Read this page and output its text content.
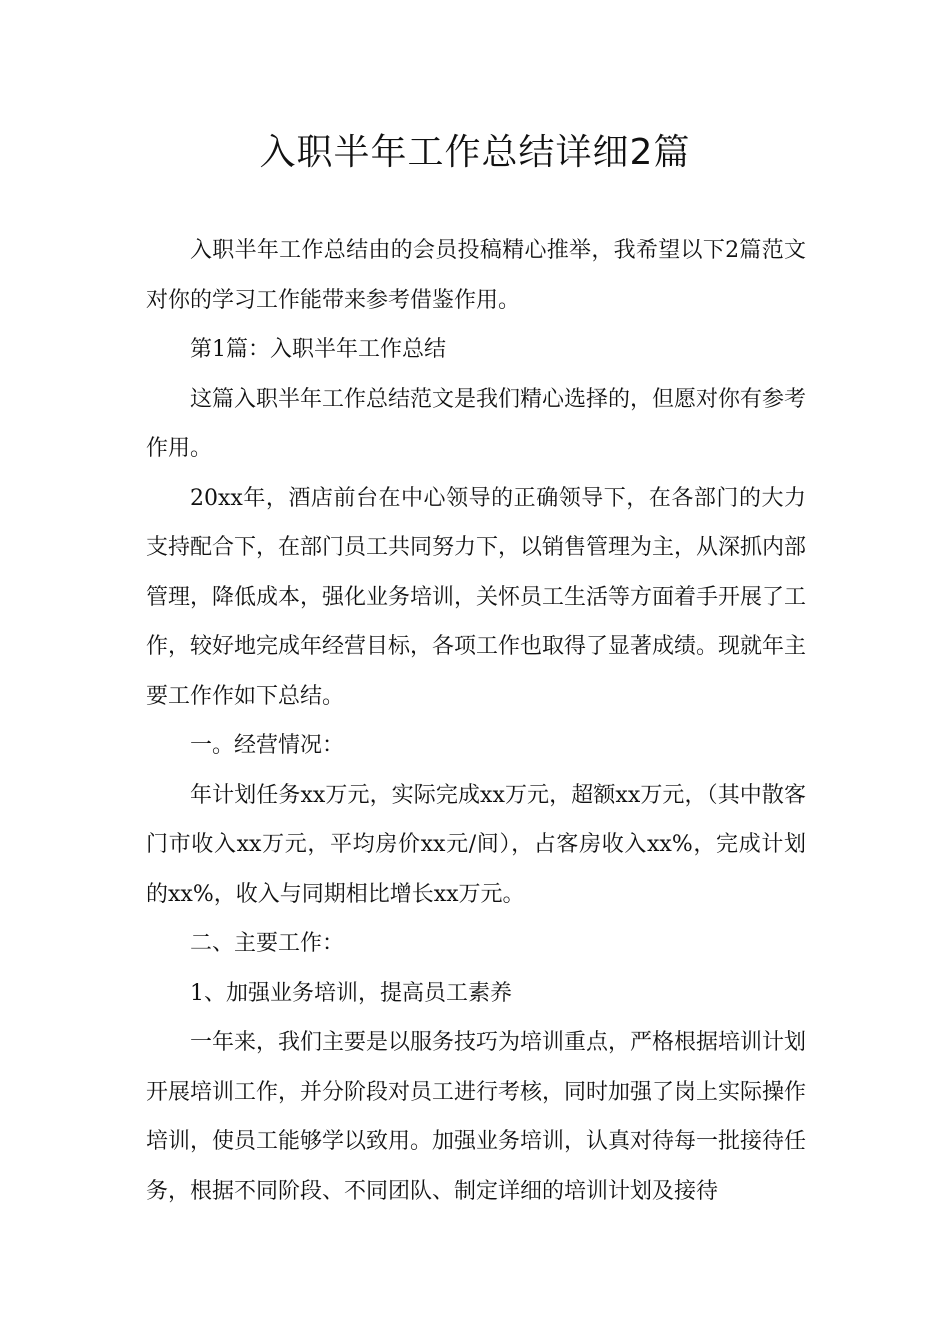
入职半年工作总结详细2篇

入职半年工作总结由的会员投稿精心推举，我希望以下2篇范文对你的学习工作能带来参考借鉴作用。

第1篇：入职半年工作总结

这篇入职半年工作总结范文是我们精心选择的，但愿对你有参考作用。

20xx年，酒店前台在中心领导的正确领导下，在各部门的大力支持配合下，在部门员工共同努力下，以销售管理为主，从深抓内部管理，降低成本，强化业务培训，关怀员工生活等方面着手开展了工作，较好地完成年经营目标，各项工作也取得了显著成绩。现就年主要工作作如下总结。

一。经营情况：

年计划任务xx万元，实际完成xx万元，超额xx万元，（其中散客门市收入xx万元，平均房价xx元/间），占客房收入xx%，完成计划的xx%，收入与同期相比增长xx万元。

二、主要工作：

1、加强业务培训，提高员工素养

一年来，我们主要是以服务技巧为培训重点，严格根据培训计划开展培训工作，并分阶段对员工进行考核，同时加强了岗上实际操作培训，使员工能够学以致用。加强业务培训，认真对待每一批接待任务，根据不同阶段、不同团队、制定详细的培训计划及接待
